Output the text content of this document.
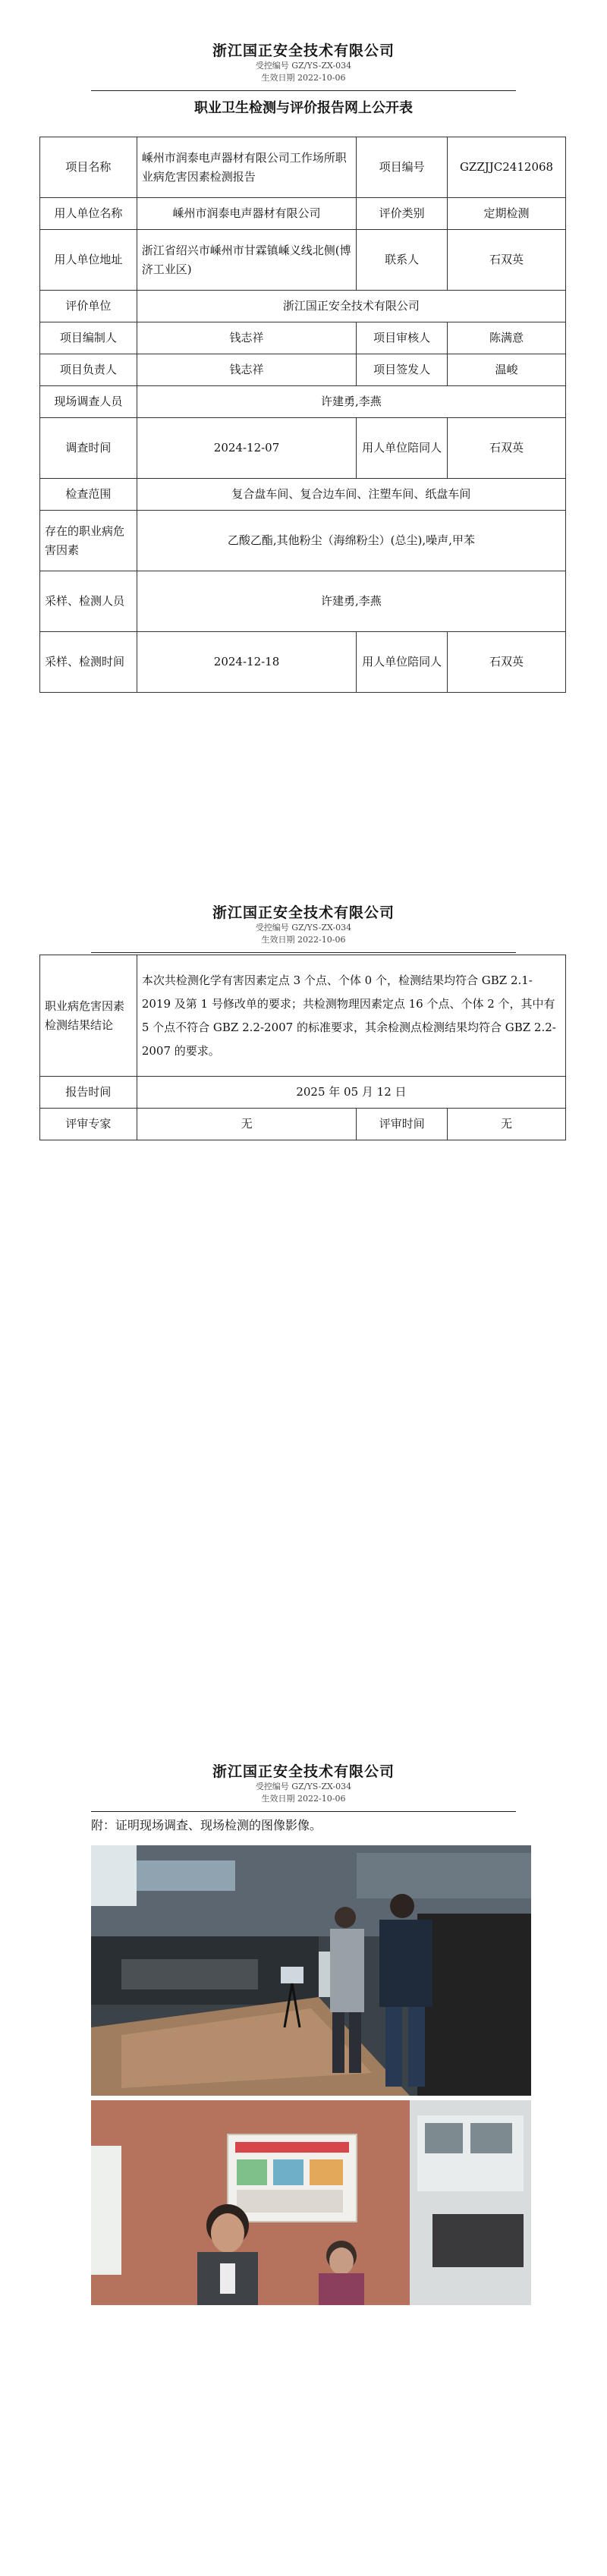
浙江国正安全技术有限公司
受控编号 GZ/YS-ZX-034
生效日期 2022-10-06
职业卫生检测与评价报告网上公开表
项目名称	嵊州市润泰电声器材有限公司工作场所职业病危害因素检测报告	项目编号	GZZJJC2412068
用人单位名称	嵊州市润泰电声器材有限公司	评价类别	定期检测
用人单位地址	浙江省绍兴市嵊州市甘霖镇嵊义线北侧(博济工业区)	联系人	石双英
评价单位	浙江国正安全技术有限公司		
项目编制人	钱志祥	项目审核人	陈满意
项目负责人	钱志祥	项目签发人	温峻
现场调查人员	许建勇,李燕		
调查时间	2024-12-07	用人单位陪同人	石双英
检查范围	复合盘车间、复合边车间、注塑车间、纸盘车间		
存在的职业病危害因素	乙酸乙酯,其他粉尘（海绵粉尘）(总尘),噪声,甲苯		
采样、检测人员	许建勇,李燕		
采样、检测时间	2024-12-18	用人单位陪同人	石双英
浙江国正安全技术有限公司
受控编号 GZ/YS-ZX-034
生效日期 2022-10-06
职业病危害因素检测结果结论	本次共检测化学有害因素定点 3 个点、个体 0 个，检测结果均符合 GBZ 2.1-2019 及第 1 号修改单的要求；共检测物理因素定点 16 个点、个体 2 个，其中有 5 个点不符合 GBZ 2.2-2007 的标准要求，其余检测点检测结果均符合 GBZ 2.2-2007 的要求。		
报告时间	2025 年 05 月 12 日		
评审专家	无	评审时间	无
浙江国正安全技术有限公司
受控编号 GZ/YS-ZX-034
生效日期 2022-10-06
附：证明现场调查、现场检测的图像影像。
